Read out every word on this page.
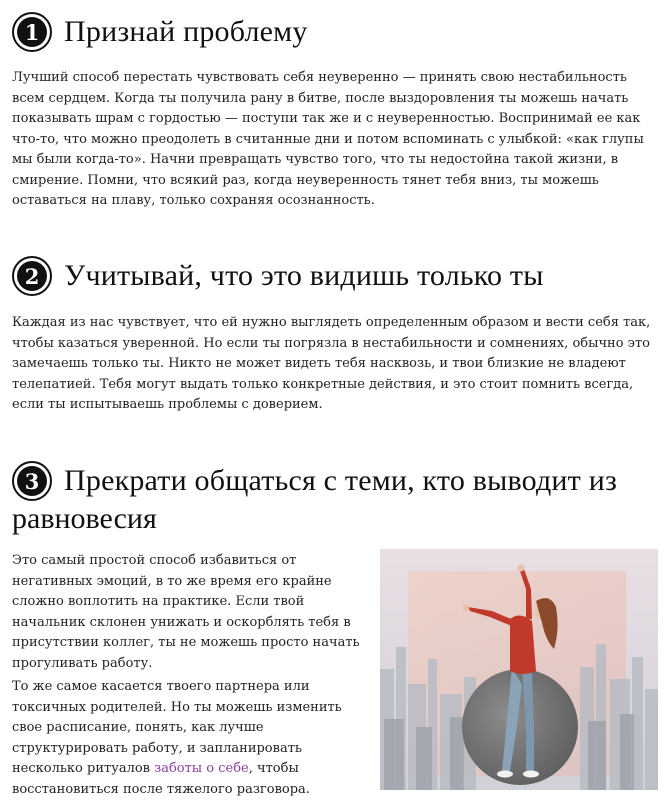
1 Признай проблему

Лучший способ перестать чувствовать себя неуверенно — принять свою нестабильность всем сердцем. Когда ты получила рану в битве, после выздоровления ты можешь начать показывать шрам с гордостью — поступи так же и с неуверенностью. Воспринимай ее как что-то, что можно преодолеть в считанные дни и потом вспоминать с улыбкой: «как глупы мы были когда-то». Начни превращать чувство того, что ты недостойна такой жизни, в смирение. Помни, что всякий раз, когда неуверенность тянет тебя вниз, ты можешь оставаться на плаву, только сохраняя осознанность.

2 Учитывай, что это видишь только ты

Каждая из нас чувствует, что ей нужно выглядеть определенным образом и вести себя так, чтобы казаться уверенной. Но если ты погрязла в нестабильности и сомнениях, обычно это замечаешь только ты. Никто не может видеть тебя насквозь, и твои близкие не владеют телепатией. Тебя могут выдать только конкретные действия, и это стоит помнить всегда, если ты испытываешь проблемы с доверием.

3 Прекрати общаться с теми, кто выводит из
равновесия

Это самый простой способ избавиться от негативных эмоций, в то же время его крайне сложно воплотить на практике. Если твой начальник склонен унижать и оскорблять тебя в присутствии коллег, ты не можешь просто начать прогуливать работу.

То же самое касается твоего партнера или токсичных родителей. Но ты можешь изменить свое расписание, понять, как лучше структурировать работу, и запланировать несколько ритуалов заботы о себе, чтобы восстановиться после тяжелого разговора.
